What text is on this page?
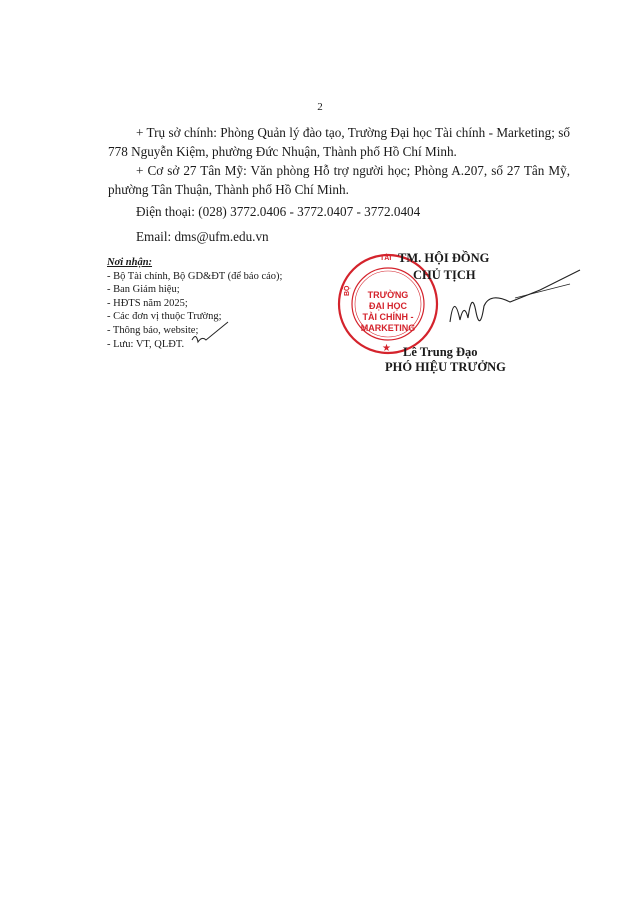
2

+ Trụ sở chính: Phòng Quản lý đào tạo, Trường Đại học Tài chính - Marketing; số 778 Nguyễn Kiệm, phường Đức Nhuận, Thành phố Hồ Chí Minh.

+ Cơ sở 27 Tân Mỹ: Văn phòng Hỗ trợ người học; Phòng A.207, số 27 Tân Mỹ, phường Tân Thuận, Thành phố Hồ Chí Minh.

Điện thoại: (028) 3772.0406 - 3772.0407 - 3772.0404
Email: dms@ufm.edu.vn
Nơi nhận:
- Bộ Tài chính, Bộ GD&ĐT (để báo cáo);
- Ban Giám hiệu;
- HĐTS năm 2025;
- Các đơn vị thuộc Trường;
- Thông báo, website;
- Lưu: VT, QLĐT.
TÀI
BỘ	TRƯỜNG
ĐẠI HỌC
TÀI CHÍNH -
MARKETING
★
TM. HỘI ĐỒNG
CHỦ TỊCH
Lê Trung Đạo
PHÓ HIỆU TRƯỞNG
